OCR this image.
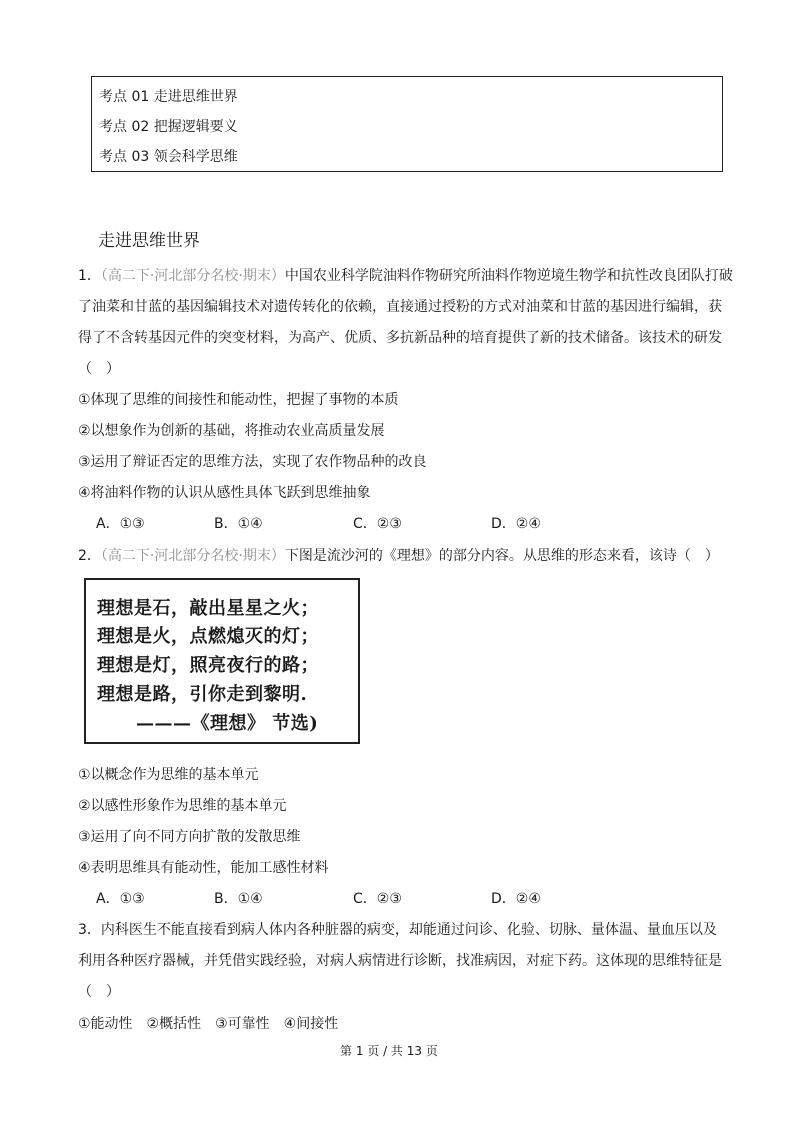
考点 01 走进思维世界
考点 02 把握逻辑要义
考点 03 领会科学思维
走进思维世界
1．（高二下·河北部分名校·期末）中国农业科学院油料作物研究所油料作物逆境生物学和抗性改良团队打破
了油菜和甘蓝的基因编辑技术对遗传转化的依赖，直接通过授粉的方式对油菜和甘蓝的基因进行编辑，获
得了不含转基因元件的突变材料，为高产、优质、多抗新品种的培育提供了新的技术储备。该技术的研发
（　）
①体现了思维的间接性和能动性，把握了事物的本质
②以想象作为创新的基础，将推动农业高质量发展
③运用了辩证否定的思维方法，实现了农作物品种的改良
④将油料作物的认识从感性具体飞跃到思维抽象
A．①③	B．①④	C．②③	D．②④
2．（高二下·河北部分名校·期末）下图是流沙河的《理想》的部分内容。从思维的形态来看，该诗（　）
理想是石，敲出星星之火；
理想是火，点燃熄灭的灯；
理想是灯，照亮夜行的路；
理想是路，引你走到黎明.
———《理想》 节选)
①以概念作为思维的基本单元
②以感性形象作为思维的基本单元
③运用了向不同方向扩散的发散思维
④表明思维具有能动性，能加工感性材料
A．①③	B．①④	C．②③	D．②④
3．内科医生不能直接看到病人体内各种脏器的病变，却能通过问诊、化验、切脉、量体温、量血压以及
利用各种医疗器械，并凭借实践经验，对病人病情进行诊断，找准病因，对症下药。这体现的思维特征是
（　）
①能动性　②概括性　③可靠性　④间接性
第 1 页 / 共 13 页
